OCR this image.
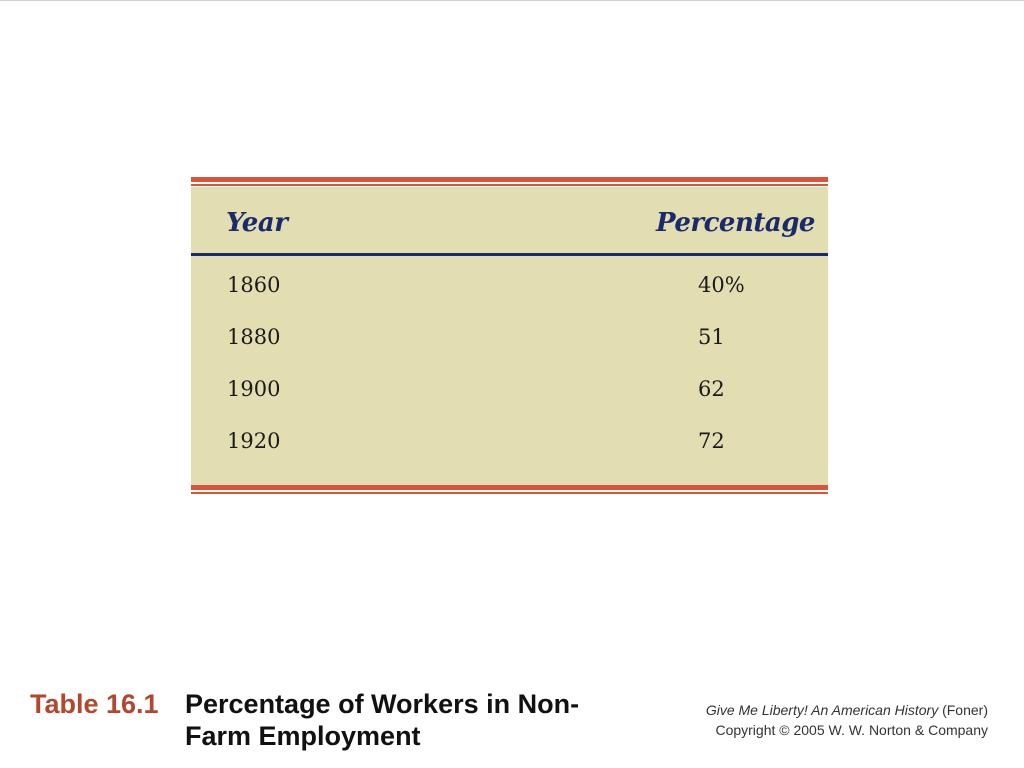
Year	Percentage
1860	40%
1880	51
1900	62
1920	72
Table 16.1 Percentage of Workers in Non-Farm Employment
Give Me Liberty! An American History (Foner)
Copyright © 2005 W. W. Norton & Company
